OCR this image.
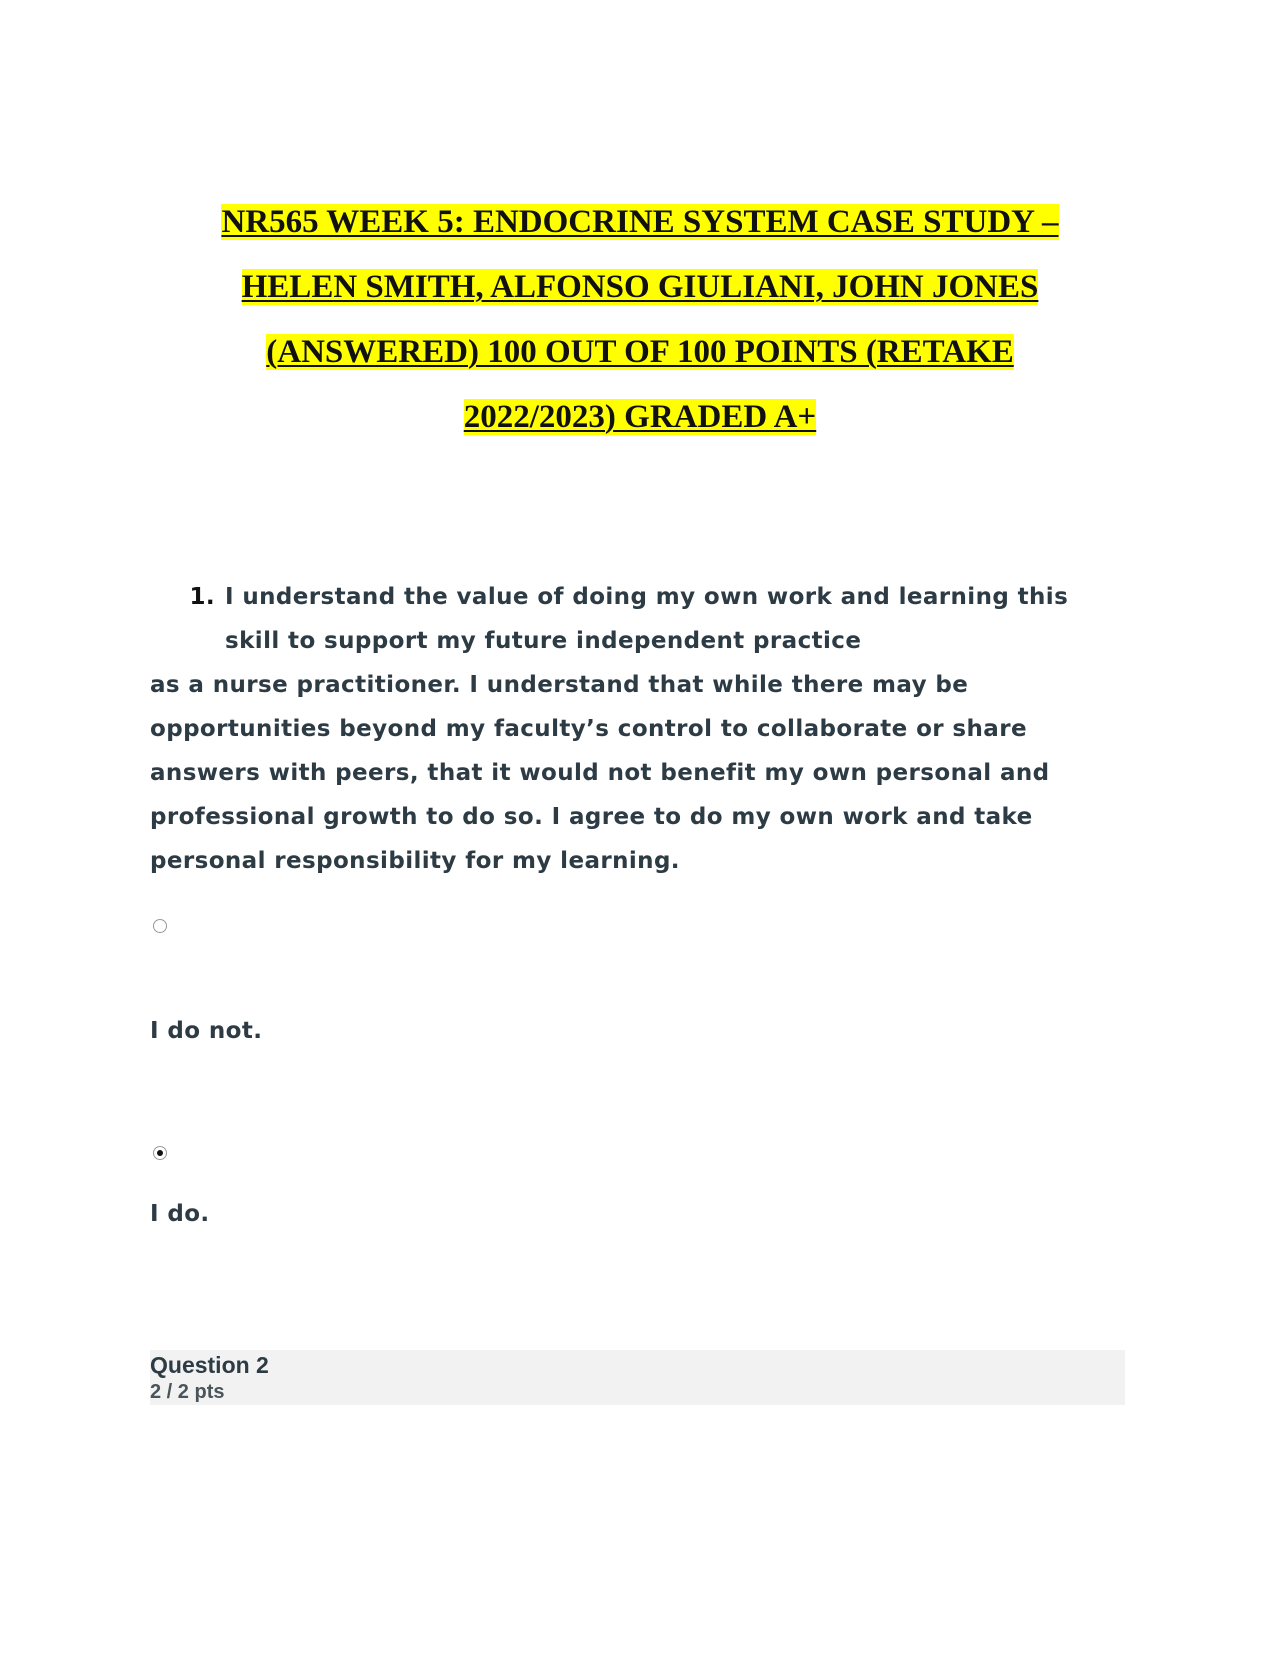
NR565 WEEK 5: ENDOCRINE SYSTEM CASE STUDY –
HELEN SMITH, ALFONSO GIULIANI, JOHN JONES
(ANSWERED) 100 OUT OF 100 POINTS (RETAKE
2022/2023) GRADED A+
1. I understand the value of doing my own work and learning this skill to support my future independent practice
as a nurse practitioner. I understand that while there may be opportunities beyond my faculty’s control to collaborate or share answers with peers, that it would not benefit my own personal and professional growth to do so. I agree to do my own work and take personal responsibility for my learning.
I do not.
I do.
Question 2
2 / 2 pts
